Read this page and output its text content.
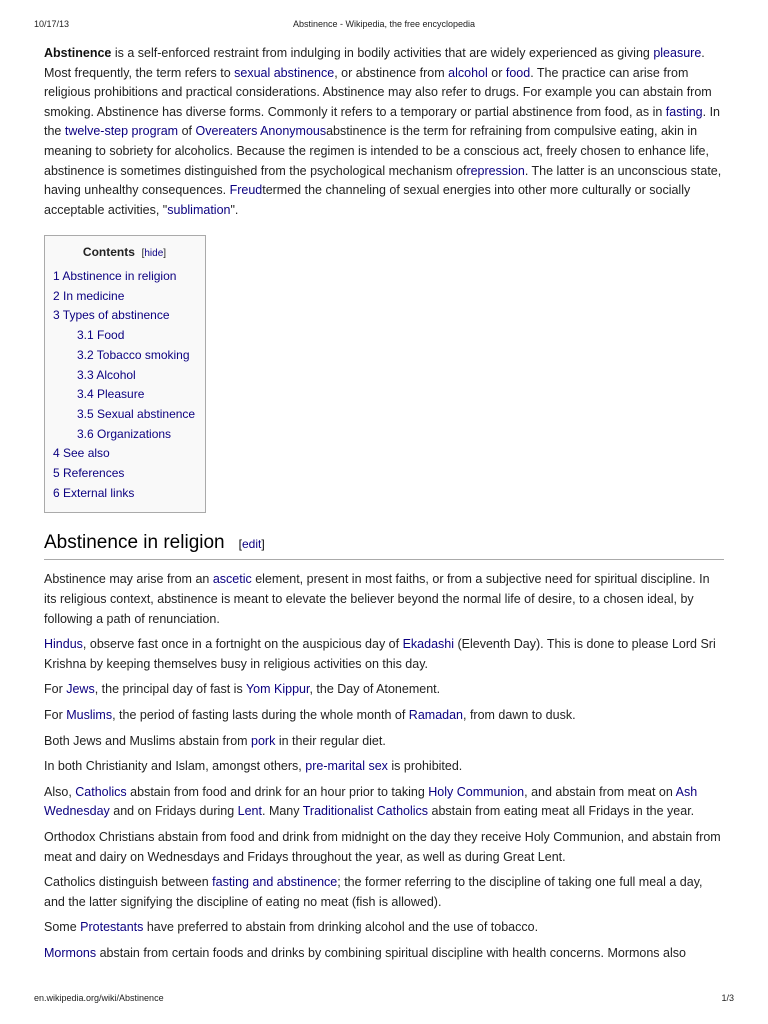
10/17/13	Abstinence - Wikipedia, the free encyclopedia

Abstinence is a self-enforced restraint from indulging in bodily activities that are widely experienced as giving pleasure. Most frequently, the term refers to sexual abstinence, or abstinence from alcohol or food. The practice can arise from religious prohibitions and practical considerations. Abstinence may also refer to drugs. For example you can abstain from smoking. Abstinence has diverse forms. Commonly it refers to a temporary or partial abstinence from food, as in fasting. In the twelve-step program of Overeaters Anonymousabstinence is the term for refraining from compulsive eating, akin in meaning to sobriety for alcoholics. Because the regimen is intended to be a conscious act, freely chosen to enhance life, abstinence is sometimes distinguished from the psychological mechanism ofrepression. The latter is an unconscious state, having unhealthy consequences. Freudtermed the channeling of sexual energies into other more culturally or socially acceptable activities, "sublimation".

Contents [hide]
1 Abstinence in religion
2 In medicine
3 Types of abstinence
3.1 Food
3.2 Tobacco smoking
3.3 Alcohol
3.4 Pleasure
3.5 Sexual abstinence
3.6 Organizations
4 See also
5 References
6 External links
Abstinence in religion [edit]

Abstinence may arise from an ascetic element, present in most faiths, or from a subjective need for spiritual discipline. In its religious context, abstinence is meant to elevate the believer beyond the normal life of desire, to a chosen ideal, by following a path of renunciation.

Hindus, observe fast once in a fortnight on the auspicious day of Ekadashi (Eleventh Day). This is done to please Lord Sri Krishna by keeping themselves busy in religious activities on this day.

For Jews, the principal day of fast is Yom Kippur, the Day of Atonement.

For Muslims, the period of fasting lasts during the whole month of Ramadan, from dawn to dusk.

Both Jews and Muslims abstain from pork in their regular diet.

In both Christianity and Islam, amongst others, pre-marital sex is prohibited.

Also, Catholics abstain from food and drink for an hour prior to taking Holy Communion, and abstain from meat on Ash Wednesday and on Fridays during Lent. Many Traditionalist Catholics abstain from eating meat all Fridays in the year.

Orthodox Christians abstain from food and drink from midnight on the day they receive Holy Communion, and abstain from meat and dairy on Wednesdays and Fridays throughout the year, as well as during Great Lent.

Catholics distinguish between fasting and abstinence; the former referring to the discipline of taking one full meal a day, and the latter signifying the discipline of eating no meat (fish is allowed).

Some Protestants have preferred to abstain from drinking alcohol and the use of tobacco.

Mormons abstain from certain foods and drinks by combining spiritual discipline with health concerns. Mormons also

en.wikipedia.org/wiki/Abstinence	1/3
